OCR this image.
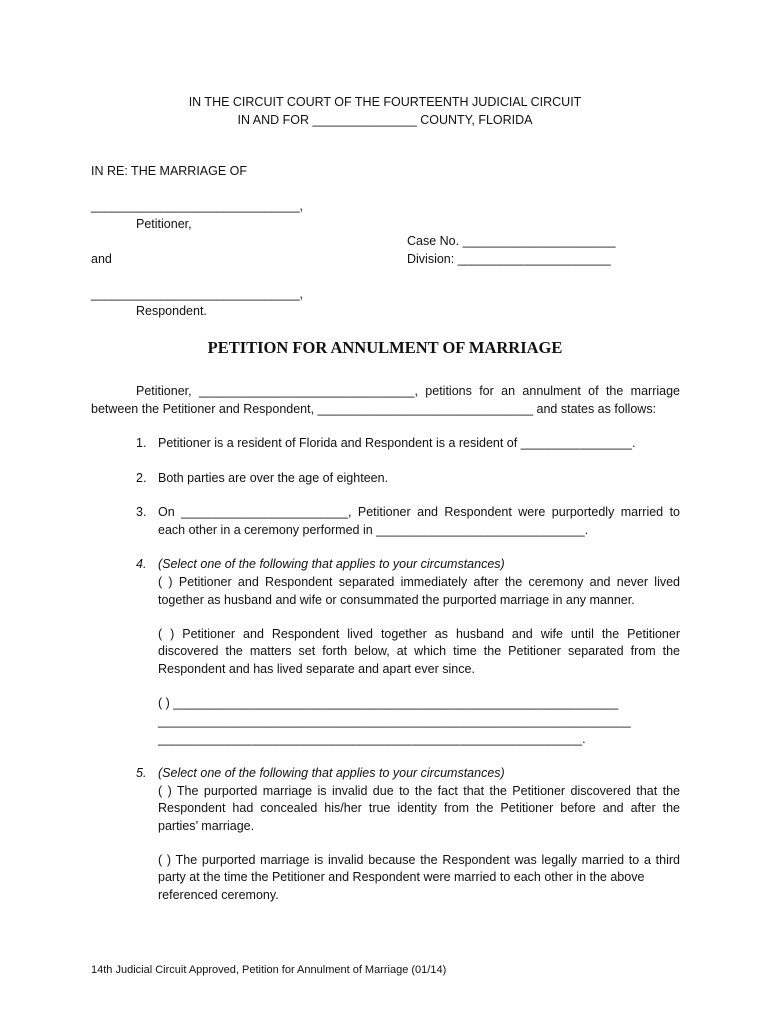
IN THE CIRCUIT COURT OF THE FOURTEENTH JUDICIAL CIRCUIT
IN AND FOR _______________ COUNTY, FLORIDA
IN RE: THE MARRIAGE OF
______________________________,
Petitioner,
Case No. ______________________
and	Division: ______________________
______________________________,
Respondent.
PETITION FOR ANNULMENT OF MARRIAGE
Petitioner, _______________________________, petitions for an annulment of the marriage
between the Petitioner and Respondent, _______________________________ and states as follows:
1. Petitioner is a resident of Florida and Respondent is a resident of ________________.
2. Both parties are over the age of eighteen.
3. On ________________________, Petitioner and Respondent were purportedly married to
each other in a ceremony performed in ______________________________.
4. (Select one of the following that applies to your circumstances)
( ) Petitioner and Respondent separated immediately after the ceremony and never lived
together as husband and wife or consummated the purported marriage in any manner.
( ) Petitioner and Respondent lived together as husband and wife until the Petitioner
discovered the matters set forth below, at which time the Petitioner separated from the
Respondent and has lived separate and apart ever since.
( ) ________________________________________________________________
____________________________________________________________________
_____________________________________________________________.
5. (Select one of the following that applies to your circumstances)
( ) The purported marriage is invalid due to the fact that the Petitioner discovered that the
Respondent had concealed his/her true identity from the Petitioner before and after the
parties’ marriage.
( ) The purported marriage is invalid because the Respondent was legally married to a third
party at the time the Petitioner and Respondent were married to each other in the above
referenced ceremony.
14th Judicial Circuit Approved, Petition for Annulment of Marriage (01/14)
